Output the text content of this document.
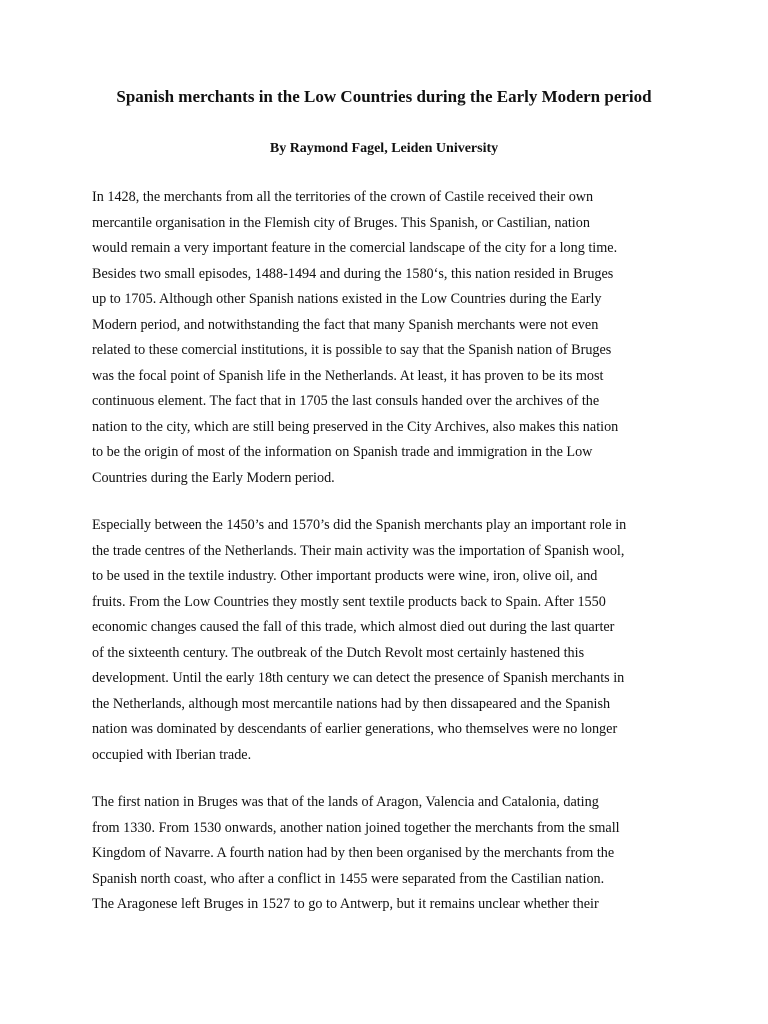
Spanish merchants in the Low Countries during the Early Modern period

By Raymond Fagel, Leiden University

In 1428, the merchants from all the territories of the crown of Castile received their own
mercantile organisation in the Flemish city of Bruges. This Spanish, or Castilian, nation
would remain a very important feature in the comercial landscape of the city for a long time.
Besides two small episodes, 1488-1494 and during the 1580‘s, this nation resided in Bruges
up to 1705. Although other Spanish nations existed in the Low Countries during the Early
Modern period, and notwithstanding the fact that many Spanish merchants were not even
related to these comercial institutions, it is possible to say that the Spanish nation of Bruges
was the focal point of Spanish life in the Netherlands. At least, it has proven to be its most
continuous element. The fact that in 1705 the last consuls handed over the archives of the
nation to the city, which are still being preserved in the City Archives, also makes this nation
to be the origin of most of the information on Spanish trade and immigration in the Low
Countries during the Early Modern period.
Especially between the 1450’s and 1570’s did the Spanish merchants play an important role in
the trade centres of the Netherlands. Their main activity was the importation of Spanish wool,
to be used in the textile industry. Other important products were wine, iron, olive oil, and
fruits. From the Low Countries they mostly sent textile products back to Spain. After 1550
economic changes caused the fall of this trade, which almost died out during the last quarter
of the sixteenth century. The outbreak of the Dutch Revolt most certainly hastened this
development. Until the early 18th century we can detect the presence of Spanish merchants in
the Netherlands, although most mercantile nations had by then dissapeared and the Spanish
nation was dominated by descendants of earlier generations, who themselves were no longer
occupied with Iberian trade.
The first nation in Bruges was that of the lands of Aragon, Valencia and Catalonia, dating
from 1330. From 1530 onwards, another nation joined together the merchants from the small
Kingdom of Navarre. A fourth nation had by then been organised by the merchants from the
Spanish north coast, who after a conflict in 1455 were separated from the Castilian nation.
The Aragonese left Bruges in 1527 to go to Antwerp, but it remains unclear whether their
